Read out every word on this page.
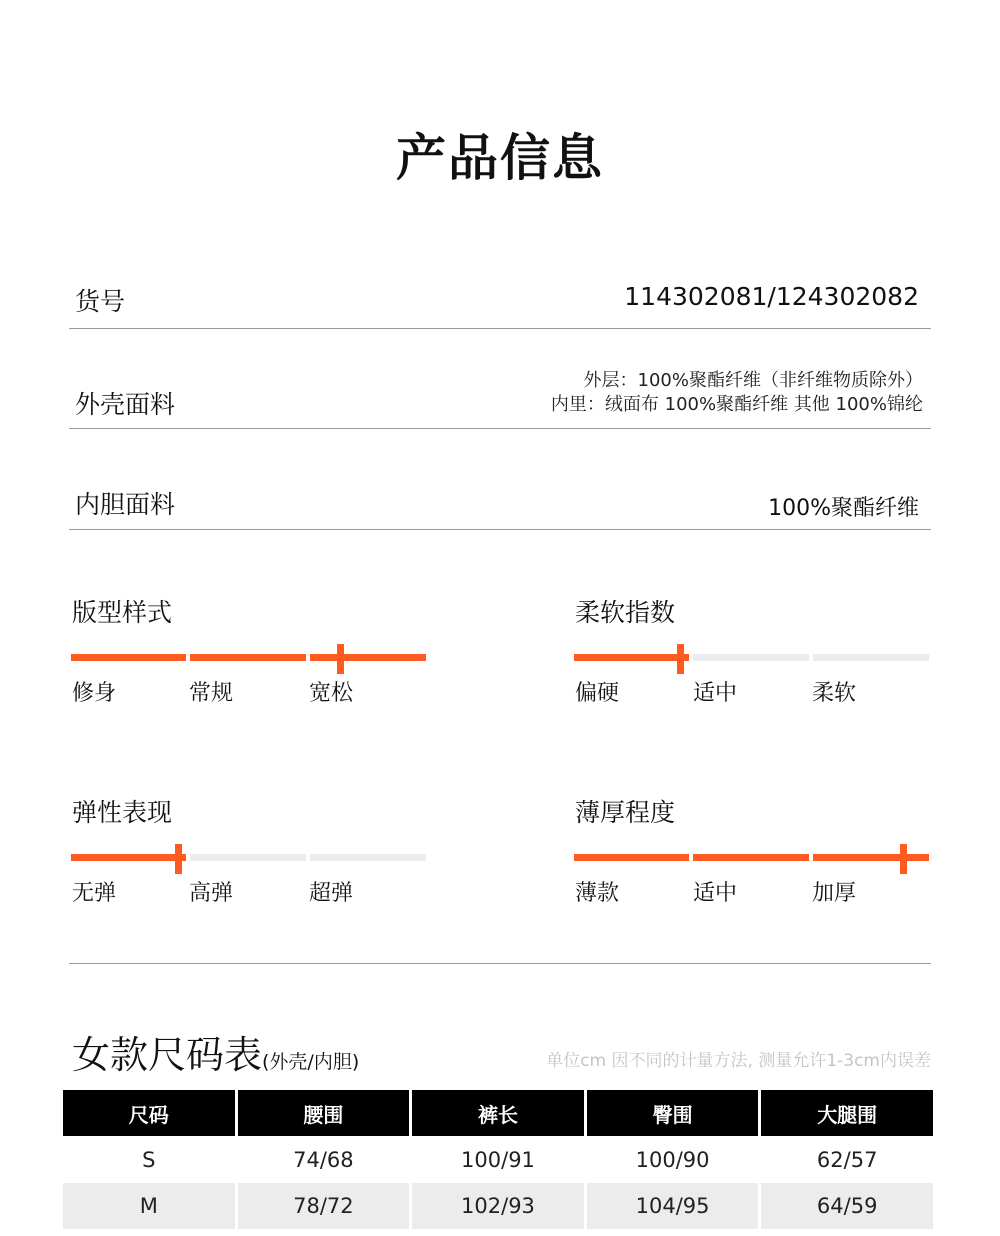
产品信息
货号	114302081/124302082
外壳面料
外层：100%聚酯纤维（非纤维物质除外）
内里：绒面布 100%聚酯纤维 其他 100%锦纶
内胆面料	100%聚酯纤维
版型样式
修身	常规	宽松
柔软指数
偏硬	适中	柔软
弹性表现
无弹	高弹	超弹
薄厚程度
薄款	适中	加厚
女款尺码表(外壳/内胆)	单位cm 因不同的计量方法, 测量允许1-3cm内误差
尺码	腰围	裤长	臀围	大腿围
S	74/68	100/91	100/90	62/57
M	78/72	102/93	104/95	64/59
